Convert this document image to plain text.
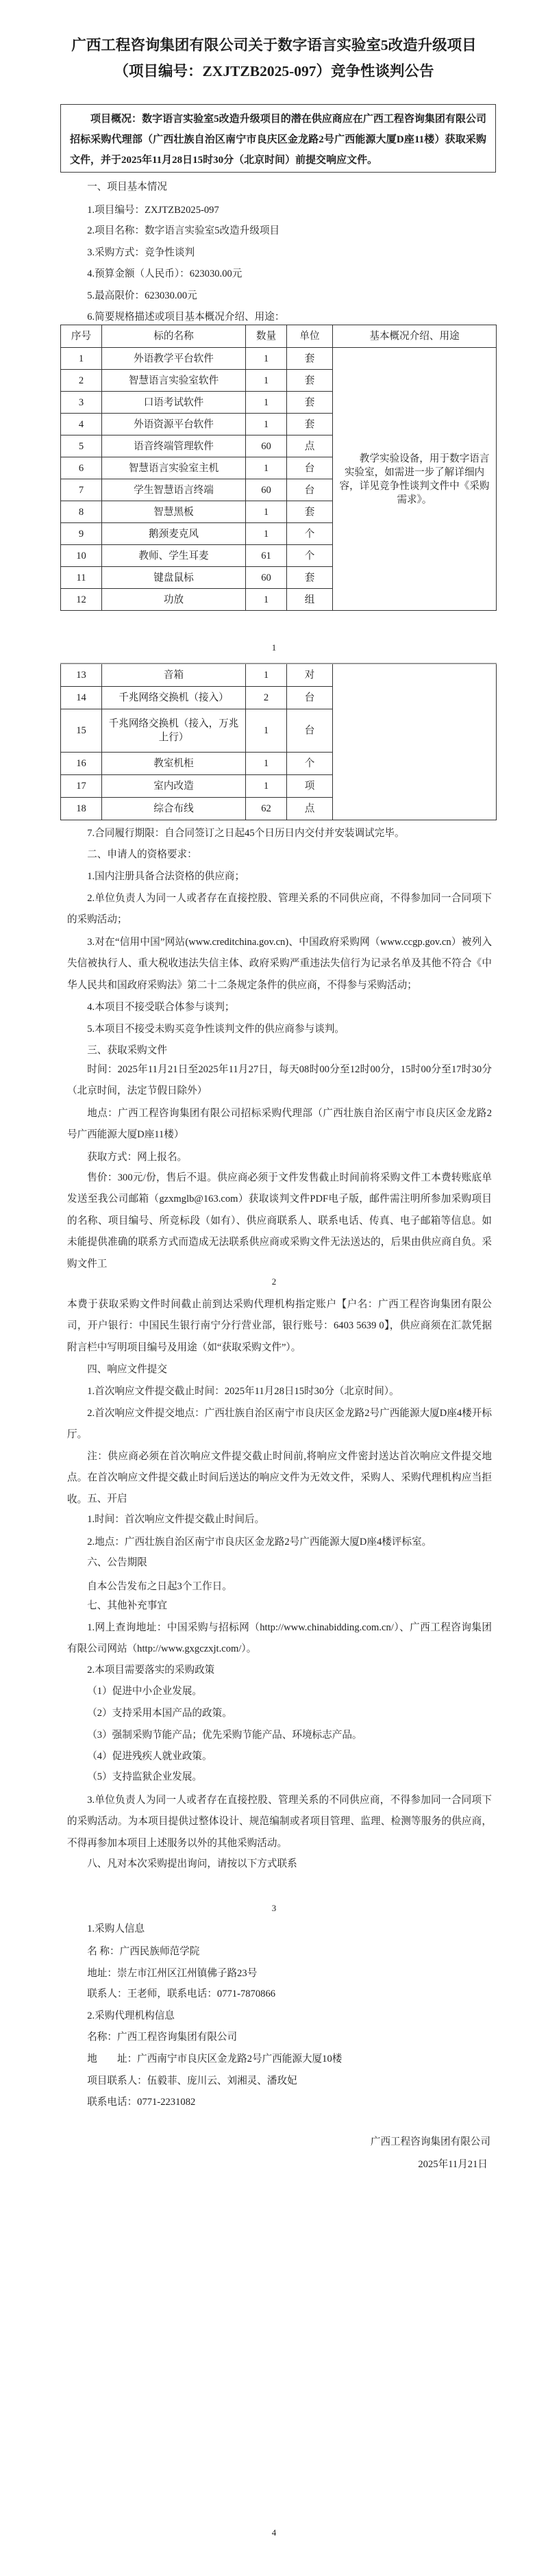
广西工程咨询集团有限公司关于数字语言实验室5改造升级项目
（项目编号：ZXJTZB2025-097）竞争性谈判公告
项目概况：数字语言实验室5改造升级项目的潜在供应商应在广西工程咨询集团有限公司招标采购代理部（广西壮族自治区南宁市良庆区金龙路2号广西能源大厦D座11楼）获取采购文件，并于2025年11月28日15时30分（北京时间）前提交响应文件。
一、项目基本情况
1.项目编号：ZXJTZB2025-097
2.项目名称：数字语言实验室5改造升级项目
3.采购方式：竞争性谈判
4.预算金额（人民币）：623030.00元
5.最高限价：623030.00元
6.简要规格描述或项目基本概况介绍、用途：
序号	标的名称	数量	单位	基本概况介绍、用途
1	外语教学平台软件	1	套	教学实验设备，用于数字语言实验室，如需进一步了解详细内容，详见竞争性谈判文件中《采购需求》。
2	智慧语言实验室软件	1	套	
3	口语考试软件	1	套	
4	外语资源平台软件	1	套	
5	语音终端管理软件	60	点	
6	智慧语言实验室主机	1	台	
7	学生智慧语言终端	60	台	
8	智慧黑板	1	套	
9	鹅颈麦克风	1	个	
10	教师、学生耳麦	61	个	
11	键盘鼠标	60	套	
12	功放	1	组	
1
13	音箱	1	对	
14	千兆网络交换机（接入）	2	台	
15	千兆网络交换机（接入，万兆上行）	1	台	
16	教室机柜	1	个	
17	室内改造	1	项	
18	综合布线	62	点	
7.合同履行期限：自合同签订之日起45个日历日内交付并安装调试完毕。
二、申请人的资格要求：
1.国内注册具备合法资格的供应商；
2.单位负责人为同一人或者存在直接控股、管理关系的不同供应商，不得参加同一合同项下的采购活动；
3.对在“信用中国”网站(www.creditchina.gov.cn)、中国政府采购网（www.ccgp.gov.cn）被列入失信被执行人、重大税收违法失信主体、政府采购严重违法失信行为记录名单及其他不符合《中华人民共和国政府采购法》第二十二条规定条件的供应商，不得参与采购活动；
4.本项目不接受联合体参与谈判；
5.本项目不接受未购买竞争性谈判文件的供应商参与谈判。
三、获取采购文件
时间：2025年11月21日至2025年11月27日，每天08时00分至12时00分，15时00分至17时30分（北京时间，法定节假日除外）
地点：广西工程咨询集团有限公司招标采购代理部（广西壮族自治区南宁市良庆区金龙路2号广西能源大厦D座11楼）
获取方式：网上报名。
售价：300元/份，售后不退。供应商必须于文件发售截止时间前将采购文件工本费转账底单发送至我公司邮箱（gzxmglb@163.com）获取谈判文件PDF电子版，邮件需注明所参加采购项目的名称、项目编号、所竞标段（如有）、供应商联系人、联系电话、传真、电子邮箱等信息。如未能提供准确的联系方式而造成无法联系供应商或采购文件无法送达的，后果由供应商自负。采购文件工
2
本费于获取采购文件时间截止前到达采购代理机构指定账户【户名：广西工程咨询集团有限公司，开户银行：中国民生银行南宁分行营业部，银行账号：6403 5639 0】，供应商须在汇款凭据附言栏中写明项目编号及用途（如“获取采购文件”）。
四、响应文件提交
1.首次响应文件提交截止时间：2025年11月28日15时30分（北京时间）。
2.首次响应文件提交地点：广西壮族自治区南宁市良庆区金龙路2号广西能源大厦D座4楼开标厅。
注：供应商必须在首次响应文件提交截止时间前,将响应文件密封送达首次响应文件提交地点。在首次响应文件提交截止时间后送达的响应文件为无效文件，采购人、采购代理机构应当拒收。 五、开启
1.时间：首次响应文件提交截止时间后。
2.地点：广西壮族自治区南宁市良庆区金龙路2号广西能源大厦D座4楼评标室。
六、公告期限
自本公告发布之日起3个工作日。
七、其他补充事宜
1.网上查询地址：中国采购与招标网（http://www.chinabidding.com.cn/）、广西工程咨询集团有限公司网站（http://www.gxgczxjt.com/）。
2.本项目需要落实的采购政策
（1）促进中小企业发展。
（2）支持采用本国产品的政策。
（3）强制采购节能产品；优先采购节能产品、环境标志产品。
（4）促进残疾人就业政策。
（5）支持监狱企业发展。
3.单位负责人为同一人或者存在直接控股、管理关系的不同供应商，不得参加同一合同项下的采购活动。为本项目提供过整体设计、规范编制或者项目管理、监理、检测等服务的供应商，不得再参加本项目上述服务以外的其他采购活动。
八、凡对本次采购提出询问，请按以下方式联系
3
1.采购人信息
名 称：广西民族师范学院
地址：崇左市江州区江州镇佛子路23号
联系人：王老师，联系电话：0771-7870866
2.采购代理机构信息
名称：广西工程咨询集团有限公司
地　　址：广西南宁市良庆区金龙路2号广西能源大厦10楼
项目联系人：伍毅菲、庞川云、刘湘灵、潘玫妃
联系电话：0771-2231082
广西工程咨询集团有限公司
2025年11月21日
4
